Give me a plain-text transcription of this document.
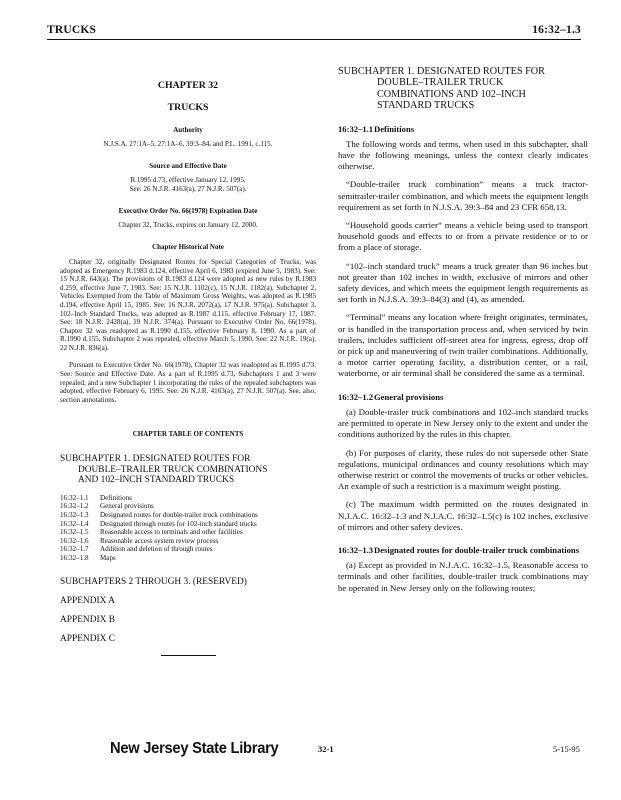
TRUCKS	16:32–1.3
CHAPTER 32
TRUCKS
Authority
N.J.S.A. 27:1A–5, 27:1A–6, 39:3–84, and P.L. 1991, c.115.
Source and Effective Date
R.1995 d.73, effective January 12, 1995.
See: 26 N.J.R. 4163(a), 27 N.J.R. 507(a).
Executive Order No. 66(1978) Expiration Date
Chapter 32, Trucks, expires on January 12, 2000.
Chapter Historical Note
Chapter 32, originally Designated Routes for Special Categories of Trucks, was adopted as Emergency R.1983 d.124, effective April 6, 1983 (expired June 5, 1983). See: 15 N.J.R. 643(a). The provisions of R.1983 d.124 were adopted as new rules by R.1983 d.259, effective June 7, 1983. See: 15 N.J.R. 1102(c), 15 N.J.R. 1182(a). Subchapter 2, Vehicles Exempted from the Table of Maximum Gross Weights, was adopted as R.1985 d.194, effective April 15, 1985. See: 16 N.J.R. 2072(a), 17 N.J.R. 975(a). Subchapter 3, 102–Inch Standard Trucks, was adopted as R.1987 d.115, effective February 17, 1987. See: 18 N.J.R. 2428(a), 19 N.J.R. 374(a). Pursuant to Executive Order No. 66(1978), Chapter 32 was readopted as R.1990 d.155, effective February 8, 1990. As a part of R.1990 d.155, Subchapter 2 was repealed, effective March 5, 1990. See: 22 N.J.R. 19(a), 22 N.J.R. 836(a).
Pursuant to Executive Order No. 66(1978), Chapter 32 was readopted as R.1995 d.73. See: Source and Effective Date. As a part of R.1995 d.73, Subchapters 1 and 3 were repealed, and a new Subchapter 1 incorporating the rules of the repealed subchapters was adopted, effective February 6, 1995. See: 26 N.J.R. 4163(a), 27 N.J.R. 507(a). See, also, section annotations.
CHAPTER TABLE OF CONTENTS
SUBCHAPTER 1. DESIGNATED ROUTES FOR
DOUBLE–TRAILER TRUCK COMBINATIONS
AND 102–INCH STANDARD TRUCKS
16:32–1.1	Definitions
16:32–1.2	General provisions
16:32–1.3	Designated routes for double-trailer truck combinations
16:32–1.4	Designated through routes for 102-inch standard trucks
16:32–1.5	Reasonable access to terminals and other facilities
16:32–1.6	Reasonable access system review process
16:32–1.7	Addition and deletion of through routes
16:32–1.8	Maps
SUBCHAPTERS 2 THROUGH 3. (RESERVED)
APPENDIX A
APPENDIX B
APPENDIX C
SUBCHAPTER 1. DESIGNATED ROUTES FOR
DOUBLE–TRAILER TRUCK
COMBINATIONS AND 102–INCH
STANDARD TRUCKS
16:32–1.1Definitions
The following words and terms, when used in this subchapter, shall have the following meanings, unless the context clearly indicates otherwise.
“Double-trailer truck combination” means a truck tractor-semitrailer-trailer combination, and which meets the equipment length requirement as set forth in N.J.S.A. 39:3–84 and 23 CFR 658.13.
“Household goods carrier” means a vehicle being used to transport household goods and effects to or from a private residence or to or from a place of storage.
“102–inch standard truck” means a truck greater than 96 inches but not greater than 102 inches in width, exclusive of mirrors and other safety devices, and which meets the equipment length requirements as set forth in N.J.S.A. 39:3–84(3) and (4), as amended.
“Terminal” means any location where freight originates, terminates, or is handled in the transportation process and, when serviced by twin trailers, includes sufficient off-street area for ingress, egress, drop off or pick up and maneuvering of twin trailer combinations. Additionally, a motor carrier operating facility, a distribution center, or a rail, waterborne, or air terminal shall be considered the same as a terminal.
16:32–1.2General provisions
(a) Double-trailer truck combinations and 102–inch standard trucks are permitted to operate in New Jersey only to the extent and under the conditions authorized by the rules in this chapter.
(b) For purposes of clarity, these rules do not supersede other State regulations, municipal ordinances and county resolutions which may otherwise restrict or control the movements of trucks or other vehicles. An example of such a restriction is a maximum weight posting.
(c) The maximum width permitted on the routes designated in N.J.A.C. 16:32–1.3 and N.J.A.C. 16:32–1.5(c) is 102 inches, exclusive of mirrors and other safety devices.
16:32–1.3 Designated routes for double-trailer truck combinations
(a) Except as provided in N.J.A.C. 16:32–1.5, Reasonable access to terminals and other facilities, double-trailer truck combinations may be operated in New Jersey only on the following routes;
New Jersey State Library	32-1	5-15-95
